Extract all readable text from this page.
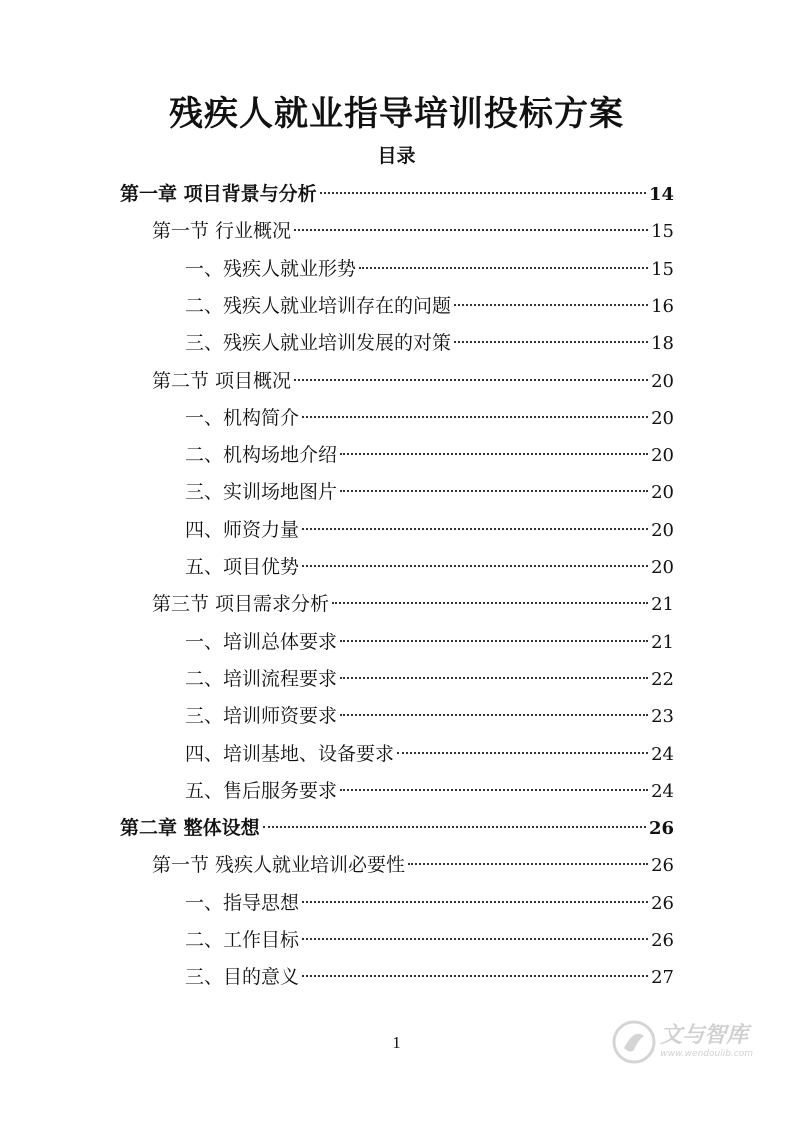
残疾人就业指导培训投标方案
目录
第一章 项目背景与分析	14
第一节 行业概况	15
一、残疾人就业形势	15
二、残疾人就业培训存在的问题	16
三、残疾人就业培训发展的对策	18
第二节 项目概况	20
一、机构简介	20
二、机构场地介绍	20
三、实训场地图片	20
四、师资力量	20
五、项目优势	20
第三节 项目需求分析	21
一、培训总体要求	21
二、培训流程要求	22
三、培训师资要求	23
四、培训基地、设备要求	24
五、售后服务要求	24
第二章 整体设想	26
第一节 残疾人就业培训必要性	26
一、指导思想	26
二、工作目标	26
三、目的意义	27
1	文与智库
www.wendoulib.com
